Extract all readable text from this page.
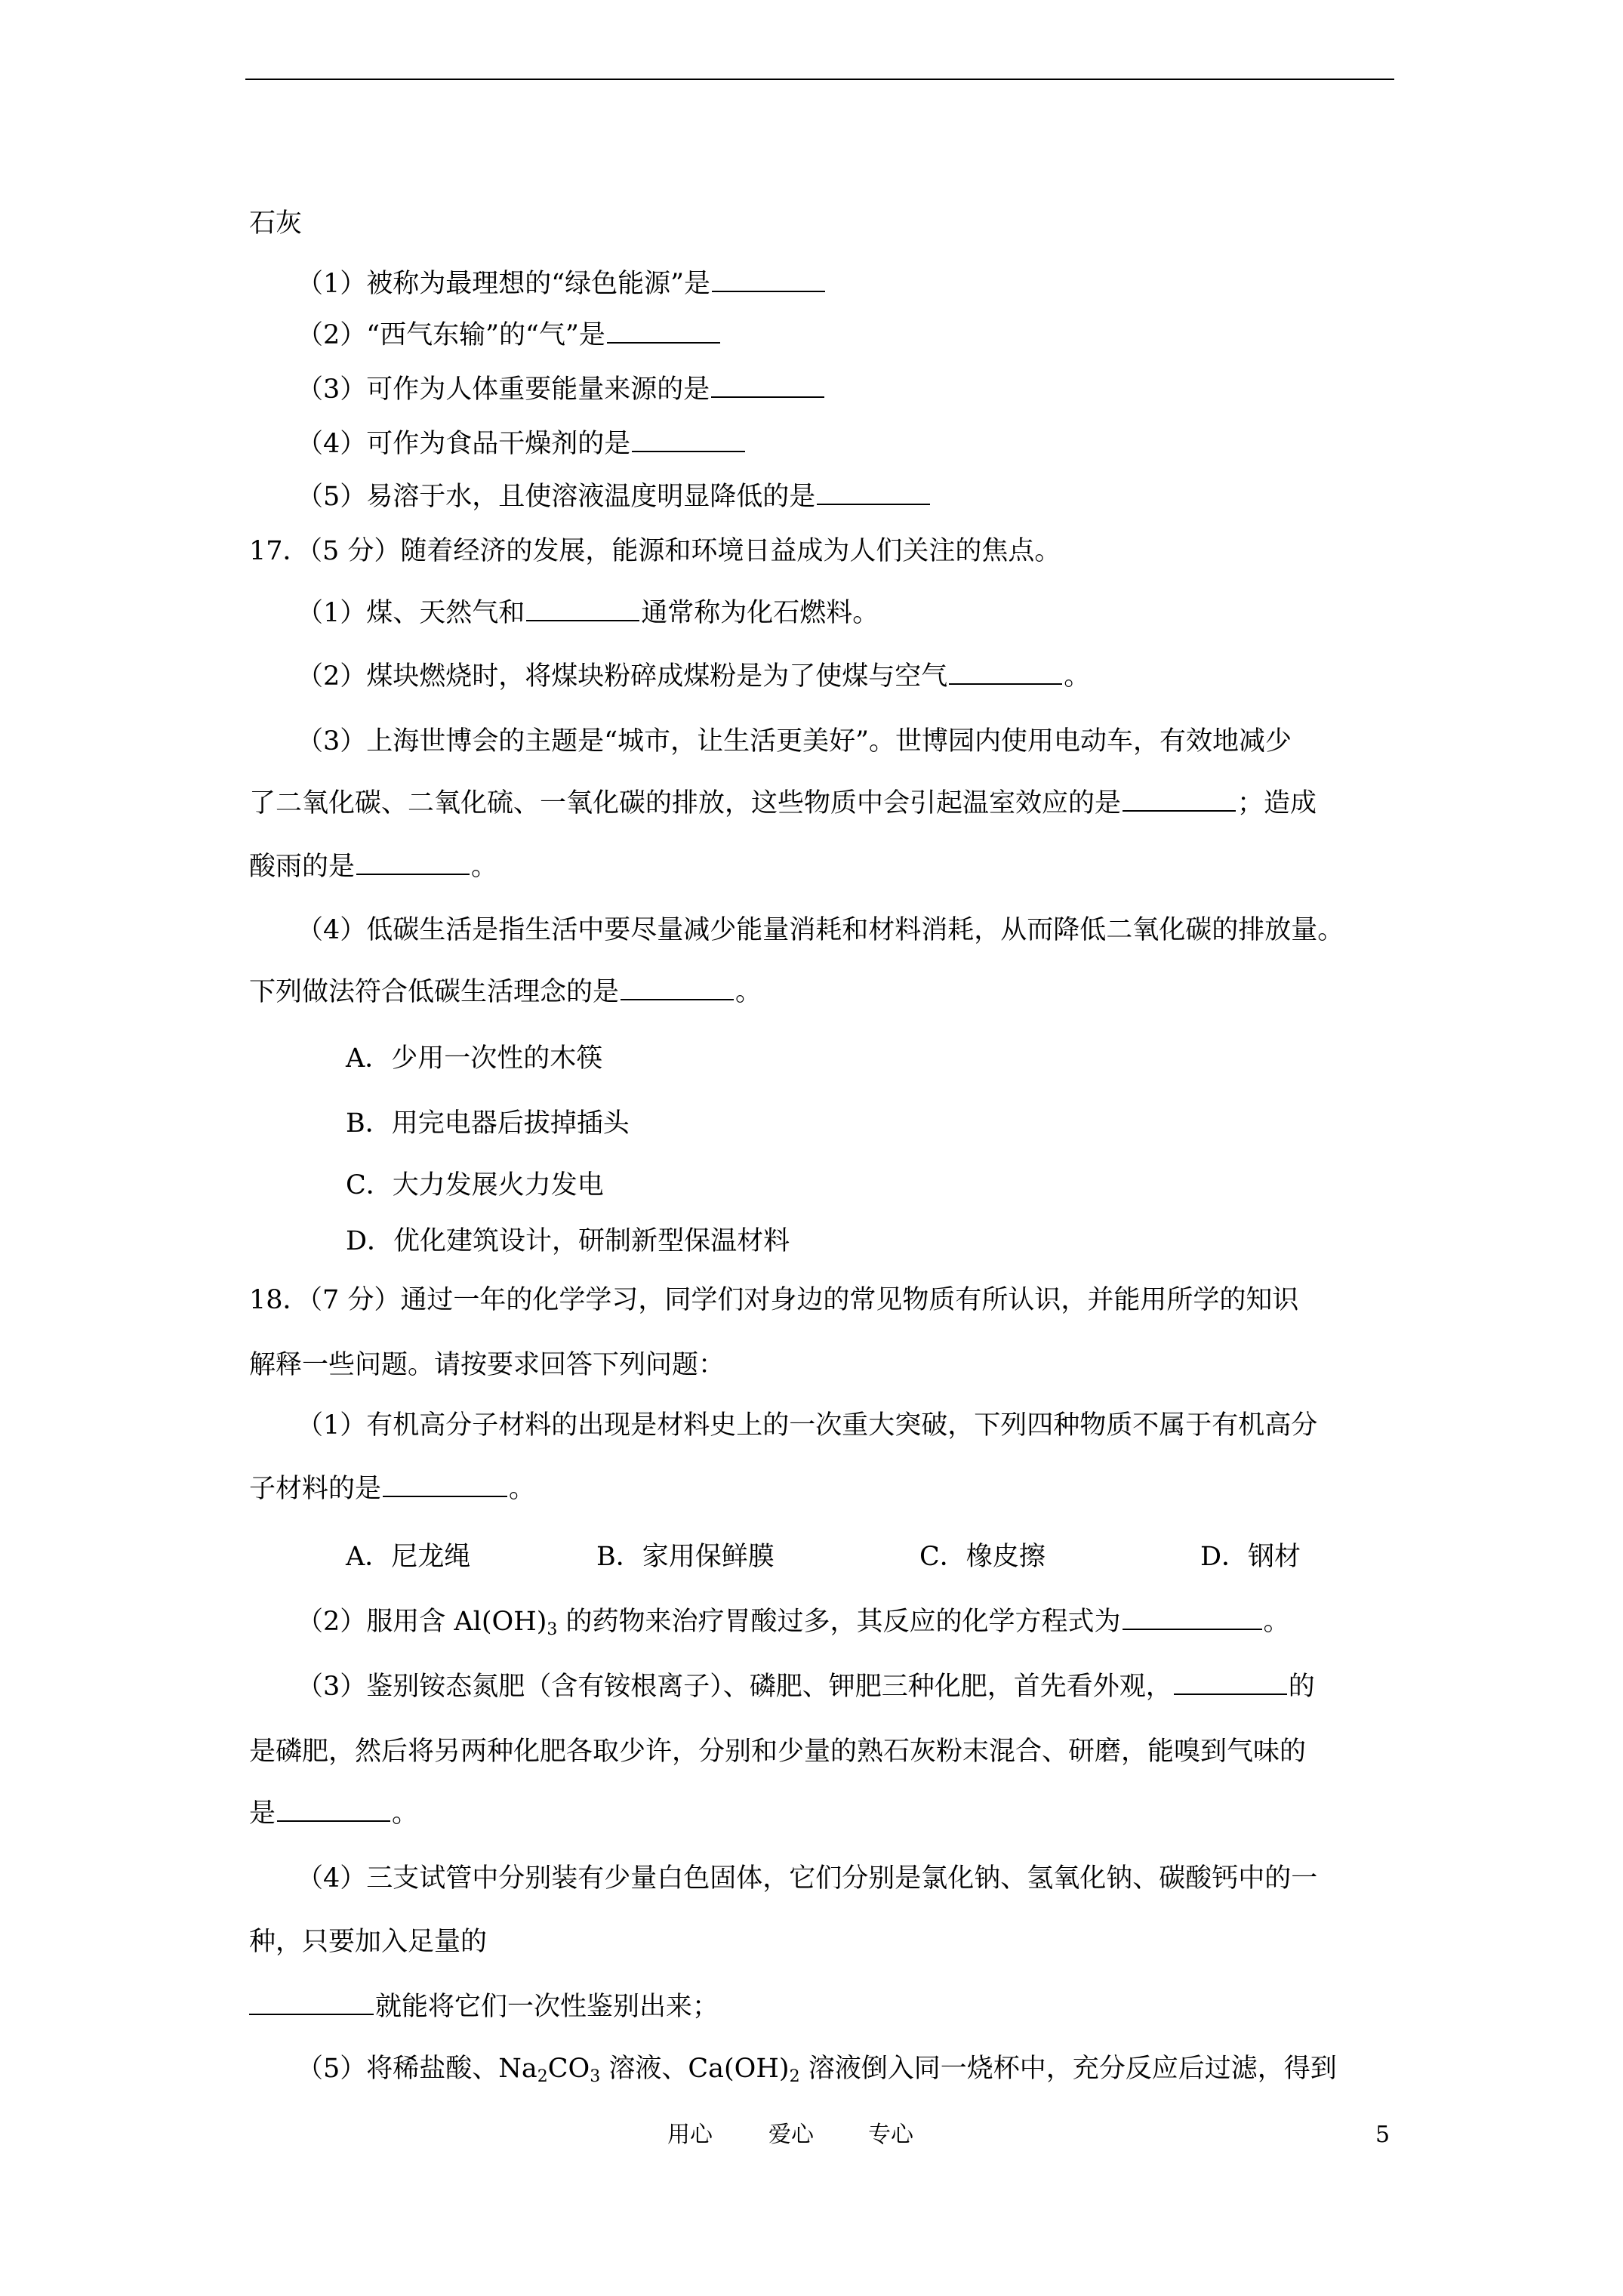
石灰
（1）被称为最理想的“绿色能源”是
（2）“西气东输”的“气”是
（3）可作为人体重要能量来源的是
（4）可作为食品干燥剂的是
（5）易溶于水，且使溶液温度明显降低的是
17．（5 分）随着经济的发展，能源和环境日益成为人们关注的焦点。
（1）煤、天然气和	通常称为化石燃料。
（2）煤块燃烧时，将煤块粉碎成煤粉是为了使煤与空气	。
（3）上海世博会的主题是“城市，让生活更美好”。世博园内使用电动车，有效地减少
了二氧化碳、二氧化硫、一氧化碳的排放，这些物质中会引起温室效应的是	；造成
酸雨的是	。
（4）低碳生活是指生活中要尽量减少能量消耗和材料消耗，从而降低二氧化碳的排放量。
下列做法符合低碳生活理念的是	。
A．少用一次性的木筷
B．用完电器后拔掉插头
C．大力发展火力发电
D．优化建筑设计，研制新型保温材料
18．（7 分）通过一年的化学学习，同学们对身边的常见物质有所认识，并能用所学的知识
解释一些问题。请按要求回答下列问题：
（1）有机高分子材料的出现是材料史上的一次重大突破，下列四种物质不属于有机高分
子材料的是	。
A．尼龙绳	B．家用保鲜膜	C．橡皮擦	D．钢材
（2）服用含 $Al(OH)_3$ 的药物来治疗胃酸过多，其反应的化学方程式为	。
（3）鉴别铵态氮肥（含有铵根离子）、磷肥、钾肥三种化肥，首先看外观，	的
是磷肥，然后将另两种化肥各取少许，分别和少量的熟石灰粉末混合、研磨，能嗅到气味的
是	。
（4）三支试管中分别装有少量白色固体，它们分别是氯化钠、氢氧化钠、碳酸钙中的一
种，只要加入足量的
就能将它们一次性鉴别出来；
（5）将稀盐酸、$Na_2CO_3$ 溶液、$Ca(OH)_2$ 溶液倒入同一烧杯中，充分反应后过滤，得到
用心 爱心 专心	5
